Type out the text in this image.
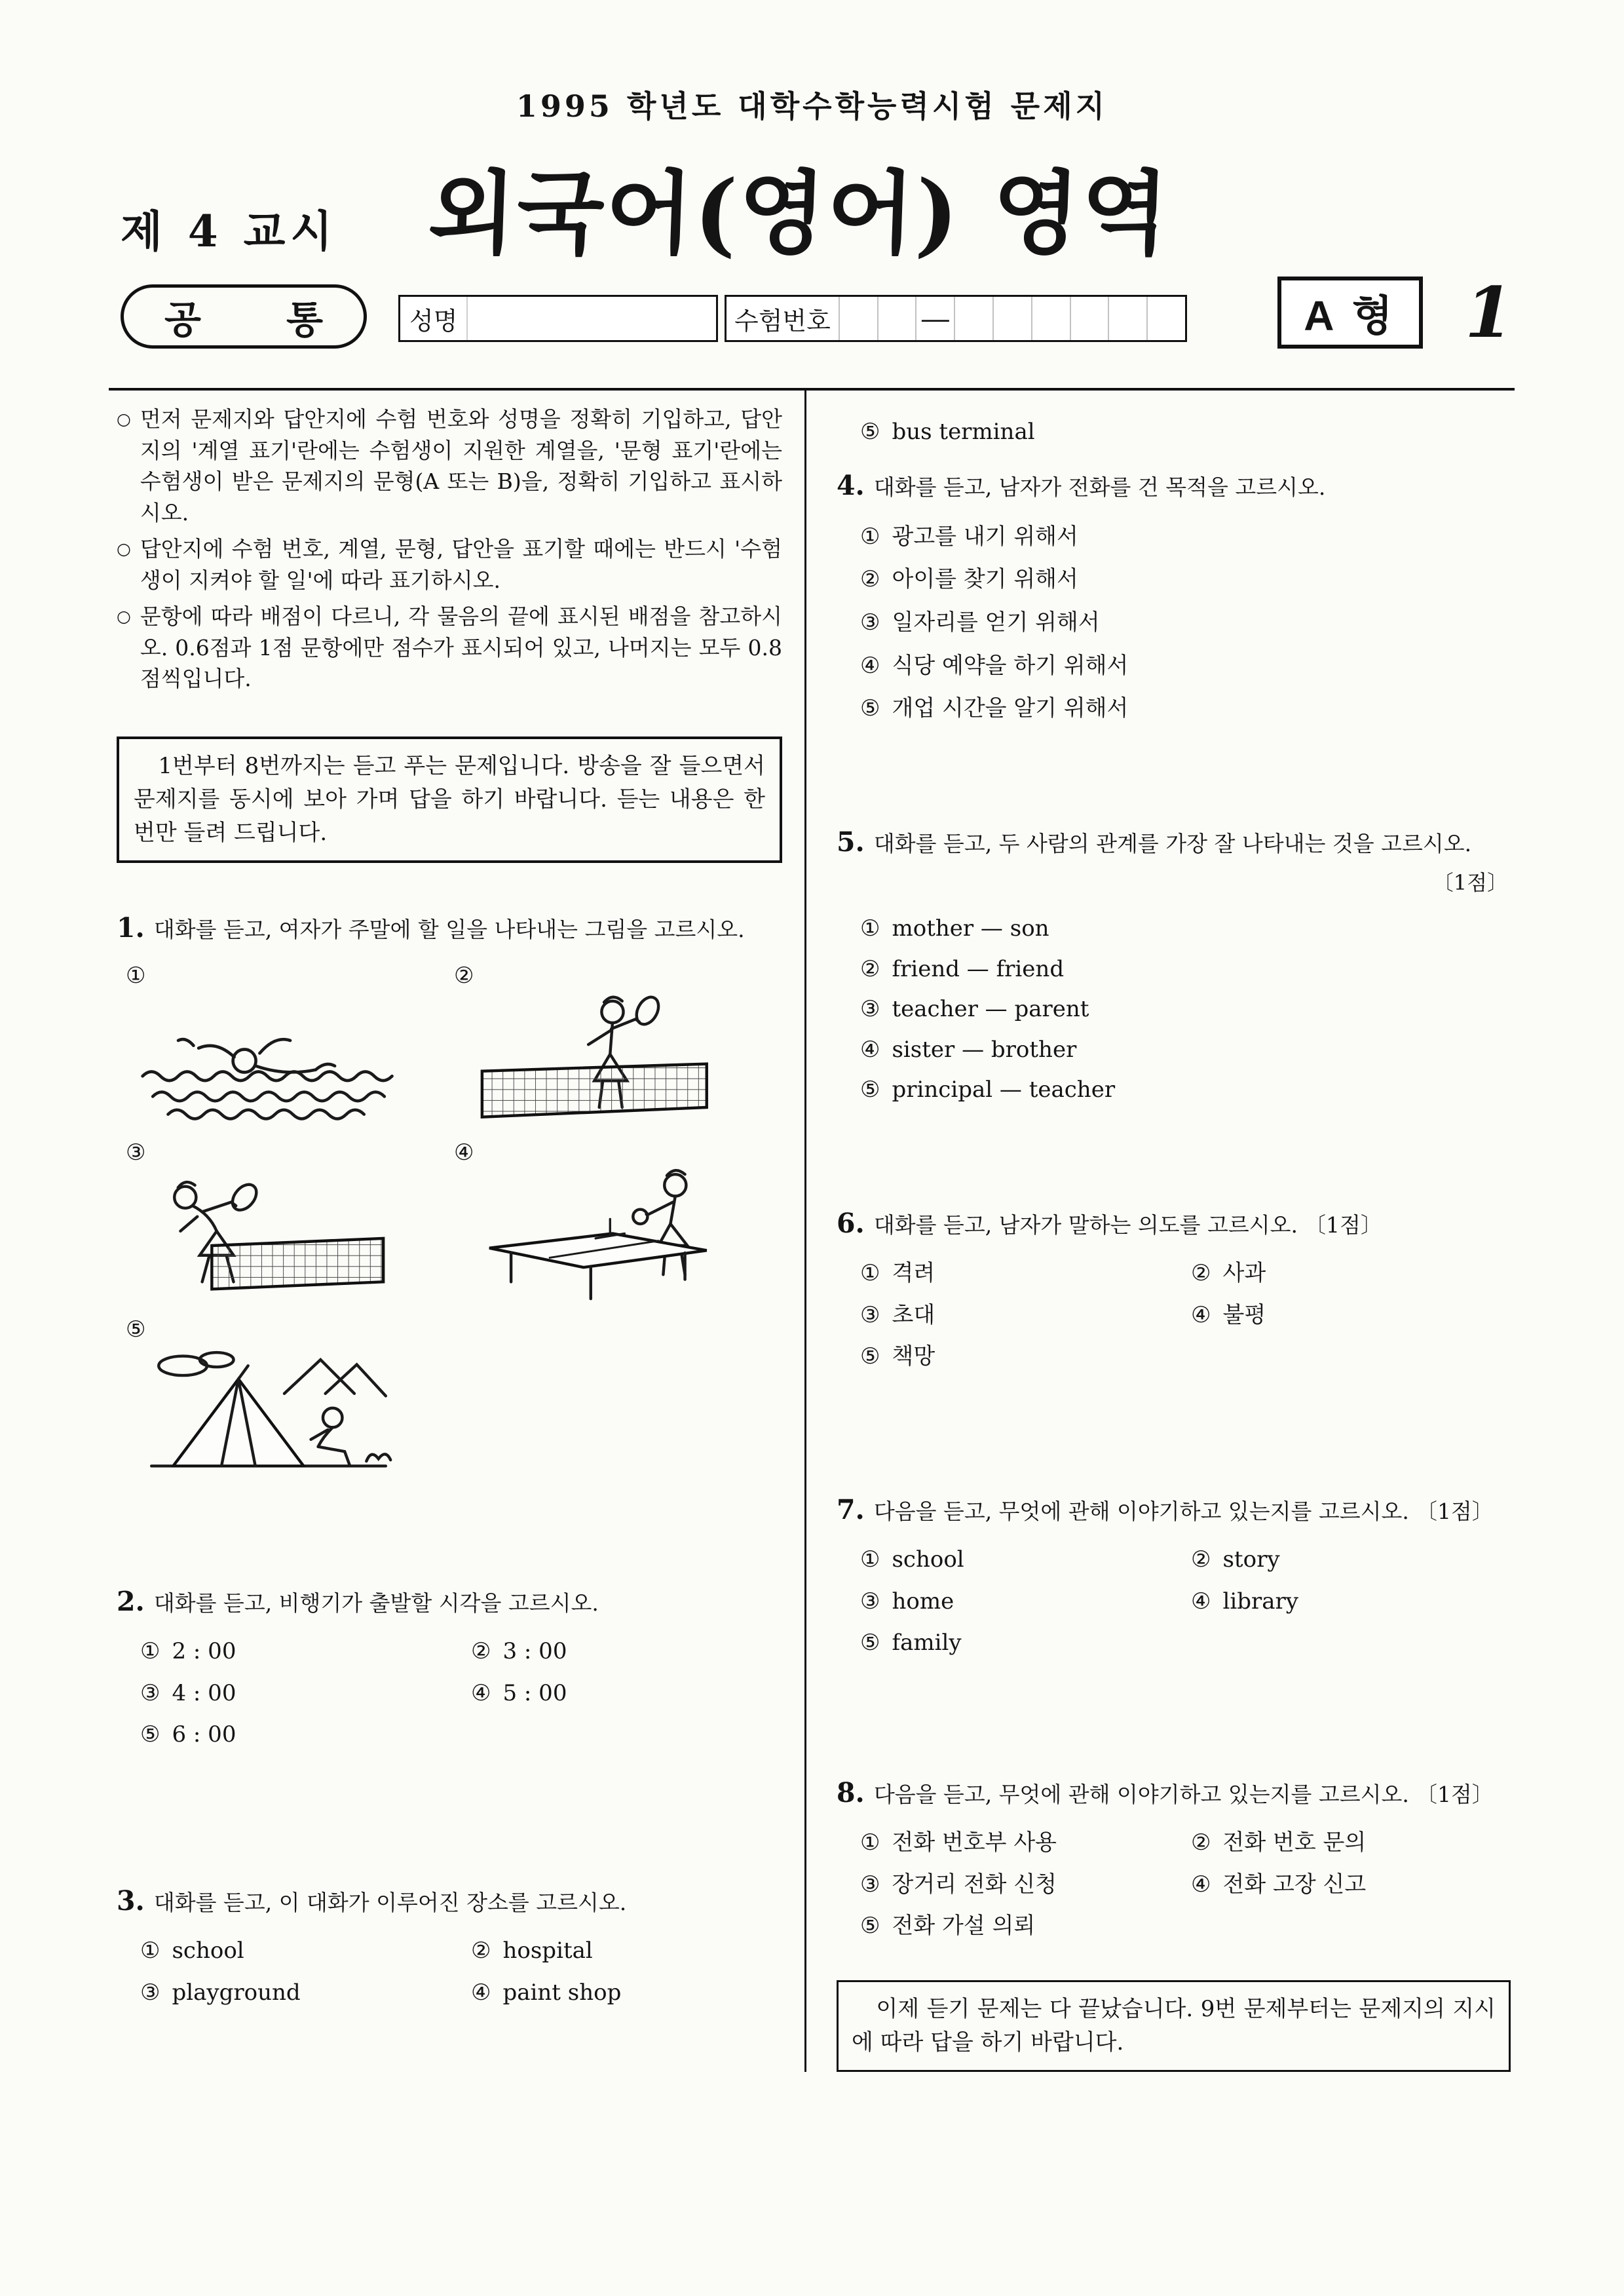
1995 학년도 대학수학능력시험 문제지
제 4 교시 외국어(영어) 영역
공 통	성명	수험번호	—	A 형 1
○ 먼저 문제지와 답안지에 수험 번호와 성명을 정확히 기입하고, 답안지의 '계열 표기'란에는 수험생이 지원한 계열을, '문형 표기'란에는 수험생이 받은 문제지의 문형(A 또는 B)을, 정확히 기입하고 표시하시오.
○ 답안지에 수험 번호, 계열, 문형, 답안을 표기할 때에는 반드시 '수험생이 지켜야 할 일'에 따라 표기하시오.
○ 문항에 따라 배점이 다르니, 각 물음의 끝에 표시된 배점을 참고하시오. 0.6점과 1점 문항에만 점수가 표시되어 있고, 나머지는 모두 0.8점씩입니다.
1번부터 8번까지는 듣고 푸는 문제입니다. 방송을 잘 들으면서 문제지를 동시에 보아 가며 답을 하기 바랍니다. 듣는 내용은 한 번만 들려 드립니다.
1. 대화를 듣고, 여자가 주말에 할 일을 나타내는 그림을 고르시오.
①	②
③	④
⑤
2. 대화를 듣고, 비행기가 출발할 시각을 고르시오.
① 2 : 00	② 3 : 00
③ 4 : 00	④ 5 : 00
⑤ 6 : 00
3. 대화를 듣고, 이 대화가 이루어진 장소를 고르시오.
① school	② hospital
③ playground	④ paint shop
⑤ bus terminal
4. 대화를 듣고, 남자가 전화를 건 목적을 고르시오.
① 광고를 내기 위해서
② 아이를 찾기 위해서
③ 일자리를 얻기 위해서
④ 식당 예약을 하기 위해서
⑤ 개업 시간을 알기 위해서
5. 대화를 듣고, 두 사람의 관계를 가장 잘 나타내는 것을 고르시오.
〔1점〕
① mother — son
② friend — friend
③ teacher — parent
④ sister — brother
⑤ principal — teacher
6. 대화를 듣고, 남자가 말하는 의도를 고르시오. 〔1점〕
① 격려	② 사과
③ 초대	④ 불평
⑤ 책망
7. 다음을 듣고, 무엇에 관해 이야기하고 있는지를 고르시오. 〔1점〕
① school	② story
③ home	④ library
⑤ family
8. 다음을 듣고, 무엇에 관해 이야기하고 있는지를 고르시오. 〔1점〕
① 전화 번호부 사용	② 전화 번호 문의
③ 장거리 전화 신청	④ 전화 고장 신고
⑤ 전화 가설 의뢰
이제 듣기 문제는 다 끝났습니다. 9번 문제부터는 문제지의 지시에 따라 답을 하기 바랍니다.
